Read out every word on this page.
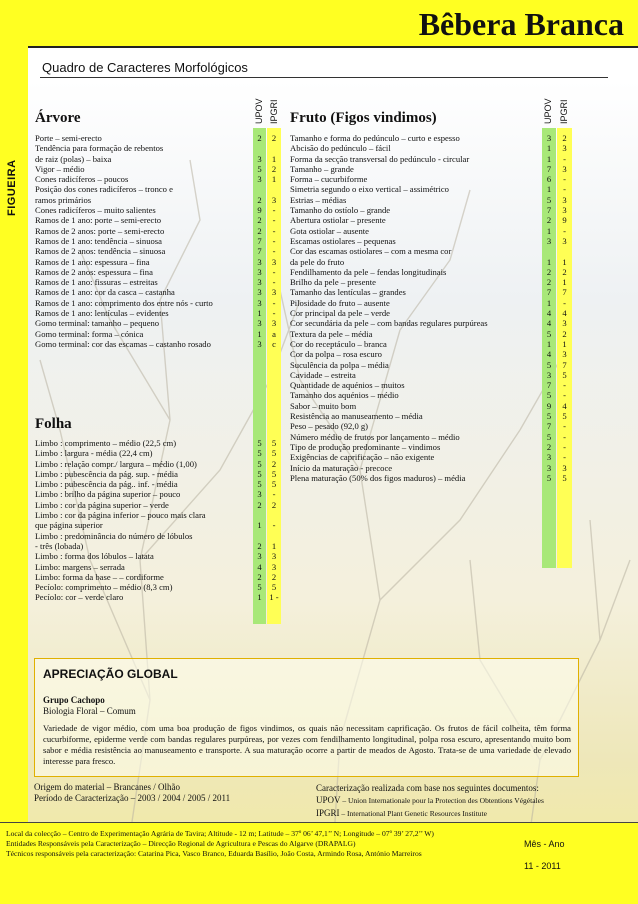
Bêbera Branca
FIGUEIRA
Quadro de Caracteres Morfológicos
UPOV IPGRI	UPOV IPGRI
Árvore
Folha
Fruto (Figos vindimos)
Porte – semi-erecto
Tendência para formação de rebentos
de raiz (polas) – baixa
Vigor – médio
Cones radicíferos – poucos
Posição dos cones radicíferos – tronco e
ramos primários
Cones radicíferos – muito salientes
Ramos de 1 ano: porte – semi-erecto
Ramos de 2 anos: porte – semi-erecto
Ramos de 1 ano: tendência – sinuosa
Ramos de 2 anos: tendência – sinuosa
Ramos de 1 ano: espessura – fina
Ramos de 2 anos: espessura – fina
Ramos de 1 ano: fissuras – estreitas
Ramos de 1 ano: cor da casca – castanha
Ramos de 1 ano: comprimento dos entre nós - curto
Ramos de 1 ano: lentículas – evidentes
Gomo terminal: tamanho – pequeno
Gomo terminal: forma – cónica
Gomo terminal: cor das escamas – castanho rosado
2
3
5
3
2
9
2
2
7
7
3
3
3
3
3
1
3
1
3
2
1
2
1
3
-
-
-
-
-
3
-
-
3
-
-
3
a
c
Limbo : comprimento – médio (22,5 cm)
Limbo : largura - média (22,4 cm)
Limbo : relação compr./ largura – médio (1,00)
Limbo : pubescência da pág. sup. - média
Limbo : pubescência da pág.. inf. - média
Limbo : brilho da página superior – pouco
Limbo : cor da página superior – verde
Limbo : cor da página inferior – pouco mais clara
que página superior
Limbo : predominância do número de lóbulos
- três (lobada)
Limbo : forma dos lóbulos – latata
Limbo: margens – serrada
Limbo: forma da base – – cordiforme
Pecíolo: comprimento – médio (8,3 cm)
Pecíolo: cor – verde claro
5
5
5
5
5
3
2
1
2
3
4
2
5
1
5
5
2
5
5
-
2
-
1
3
3
2
5
1 -
Tamanho e forma do pedúnculo – curto e espesso
Abcisão do pedúnculo – fácil
Forma da secção transversal do pedúnculo - circular
Tamanho – grande
Forma – cucurbiforme
Simetria segundo o eixo vertical – assimétrico
Estrias – médias
Tamanho do ostíolo – grande
Abertura ostiolar – presente
Gota ostiolar – ausente
Escamas ostiolares – pequenas
Cor das escamas ostiolares – com a mesma cor
da pele do fruto
Fendilhamento da pele – fendas longitudinais
Brilho da pele – presente
Tamanho das lentículas – grandes
Pilosidade do fruto – ausente
Cor principal da pele – verde
Cor secundária da pele – com bandas regulares purpúreas
Textura da pele – média
Cor do receptáculo – branca
Cor da polpa – rosa escuro
Suculência da polpa – média
Cavidade – estreita
Quantidade de aquénios – muitos
Tamanho dos aquénios – médio
Sabor – muito bom
Resistência ao manuseamento – média
Peso – pesado (92,0 g)
Número médio de frutos por lançamento – médio
Tipo de produção predominante – vindimos
Exigências de caprificação – não exigente
Início da maturação - precoce
Plena maturação (50% dos figos maduros) – média
3
1
1
7
6
1
5
7
2
1
3
1
2
2
7
1
4
4
5
1
4
5
3
7
5
9
5
7
5
2
3
3
5
2
3
-
3
-
-
3
3
9
-
3
1
2
1
7
-
4
3
2
1
3
7
5
-
-
4
5
-
-
-
-
3
5
APRECIAÇÃO GLOBAL
Grupo Cachopo
Biologia Floral – Comum
Variedade de vigor médio, com uma boa produção de figos vindimos, os quais não necessitam caprificação. Os frutos de fácil colheita, têm forma cucurbiforme, epiderme verde com bandas regulares purpúreas, por vezes com fendilhamento longitudinal, polpa rosa escuro, apresentando muito bom sabor e média resistência ao manuseamento e transporte. A sua maturação ocorre a partir de meados de Agosto. Trata-se de uma variedade de elevado interesse para fresco.
Origem do material – Brancanes / Olhão
Período de Caracterização – 2003 / 2004 / 2005 / 2011
Caracterização realizada com base nos seguintes documentos:
UPOV – Union Internationale pour la Protection des Obtentions Végétales
IPGRI – International Plant Genetic Resources Institute
Local da colecção – Centro de Experimentação Agrária de Tavira; Altitude - 12 m; Latitude – 37º 06’ 47,1’’ N; Longitude – 07º 39’ 27,2’’ W)
Entidades Responsáveis pela Caracterização – Direcção Regional de Agricultura e Pescas do Algarve (DRAPALG)
Técnicos responsáveis pela caracterização: Catarina Pica, Vasco Branco, Eduarda Basílio, João Costa, Armindo Rosa, António Marreiros
Mês - Ano
11 - 2011
